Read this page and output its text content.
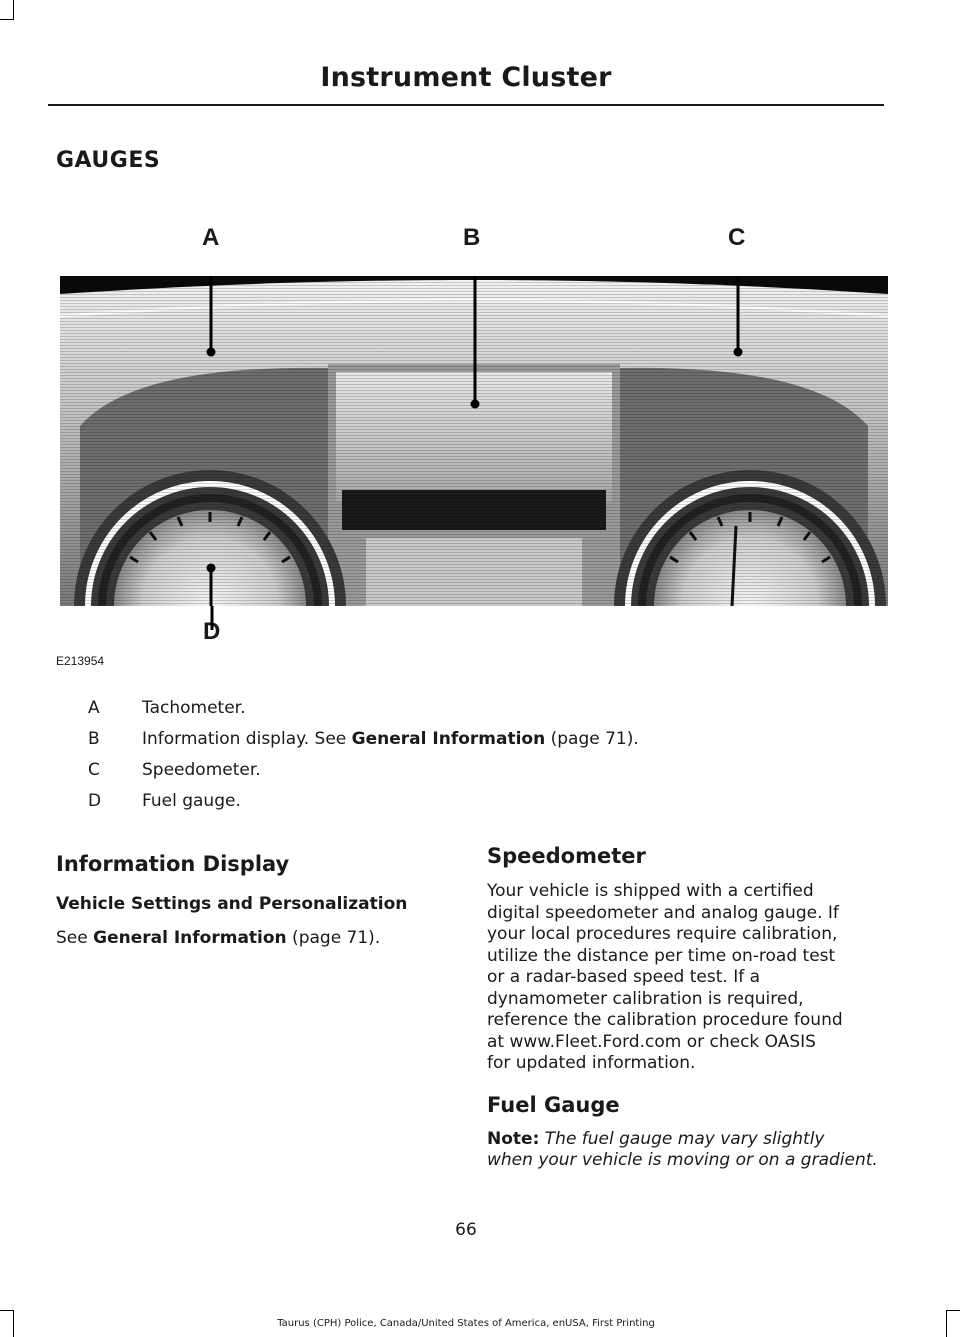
Instrument Cluster
GAUGES
A	B	C
D
E213954
A	Tachometer.
B	Information display. See General Information (page 71).
C	Speedometer.
D	Fuel gauge.
Information Display
Vehicle Settings and Personalization
See General Information (page 71).
Speedometer
Your vehicle is shipped with a certified
digital speedometer and analog gauge. If
your local procedures require calibration,
utilize the distance per time on-road test
or a radar-based speed test. If a
dynamometer calibration is required,
reference the calibration procedure found
at www.Fleet.Ford.com or check OASIS
for updated information.
Fuel Gauge
Note: The fuel gauge may vary slightly
when your vehicle is moving or on a gradient.
66
Taurus (CPH) Police, Canada/United States of America, enUSA, First Printing
